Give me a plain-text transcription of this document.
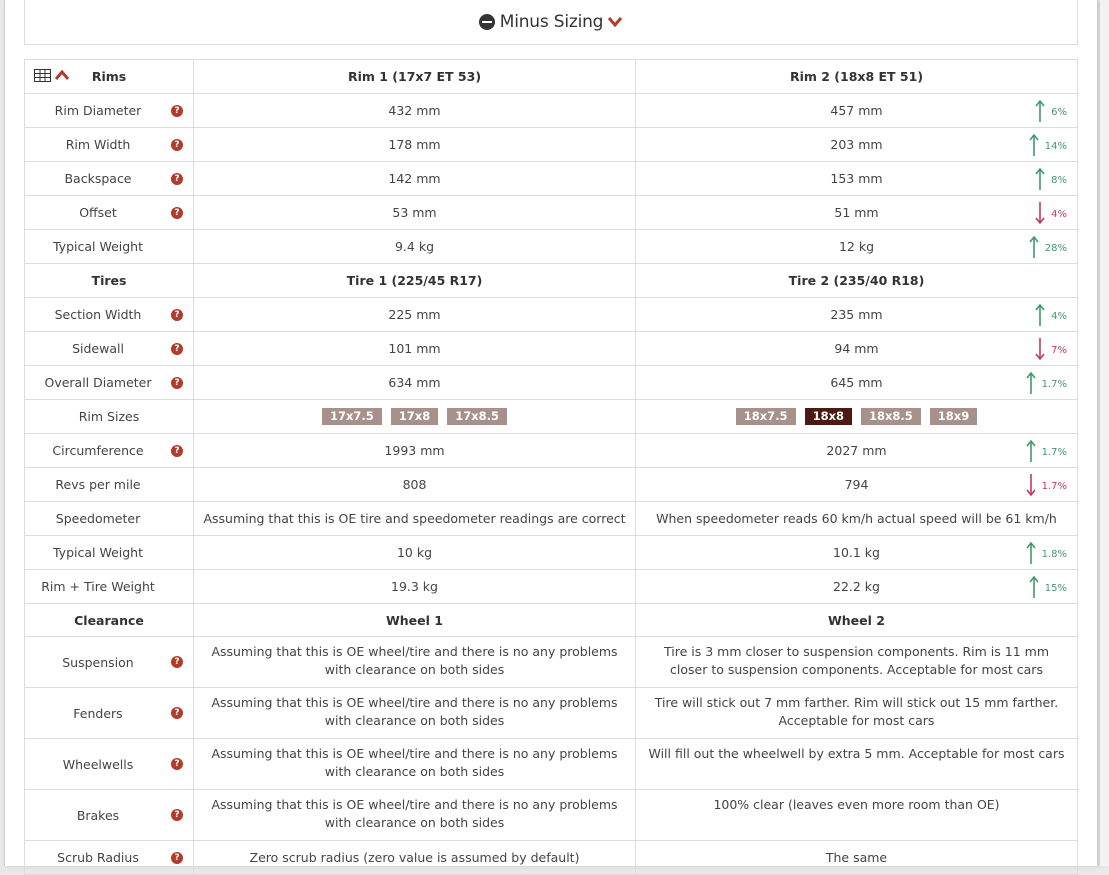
Minus Sizing
Rims	Rim 1 (17x7 ET 53)	Rim 2 (18x8 ET 51)

Rim Diameter ?	432 mm	457 mm 6%

Rim Width ?	178 mm	203 mm 14%

Backspace ?	142 mm	153 mm 8%

Offset ?	53 mm	51 mm 4%

Typical Weight	9.4 kg	12 kg 28%

Tires	Tire 1 (225/45 R17)	Tire 2 (235/40 R18)

Section Width ?	225 mm	235 mm 4%

Sidewall ?	101 mm	94 mm 7%

Overall Diameter ?	634 mm	645 mm 1.7%

Rim Sizes	17x7.5 17x8 17x8.5	18x7.5 18x8 18x8.5 18x9

Circumference ?	1993 mm	2027 mm 1.7%

Revs per mile	808	794 1.7%

Speedometer	Assuming that this is OE tire and speedometer readings are correct	When speedometer reads 60 km/h actual speed will be 61 km/h

Typical Weight	10 kg	10.1 kg 1.8%

Rim + Tire Weight	19.3 kg	22.2 kg 15%

Clearance	Wheel 1	Wheel 2

Suspension ?	Assuming that this is OE wheel/tire and there is no any problems with clearance on both sides	Tire is 3 mm closer to suspension components. Rim is 11 mm closer to suspension components. Acceptable for most cars

Fenders ?	Assuming that this is OE wheel/tire and there is no any problems with clearance on both sides	Tire will stick out 7 mm farther. Rim will stick out 15 mm farther. Acceptable for most cars

Wheelwells ?	Assuming that this is OE wheel/tire and there is no any problems with clearance on both sides	Will fill out the wheelwell by extra 5 mm. Acceptable for most cars

Brakes ?	Assuming that this is OE wheel/tire and there is no any problems with clearance on both sides	100% clear (leaves even more room than OE)

Scrub Radius ?	Zero scrub radius (zero value is assumed by default)	The same
